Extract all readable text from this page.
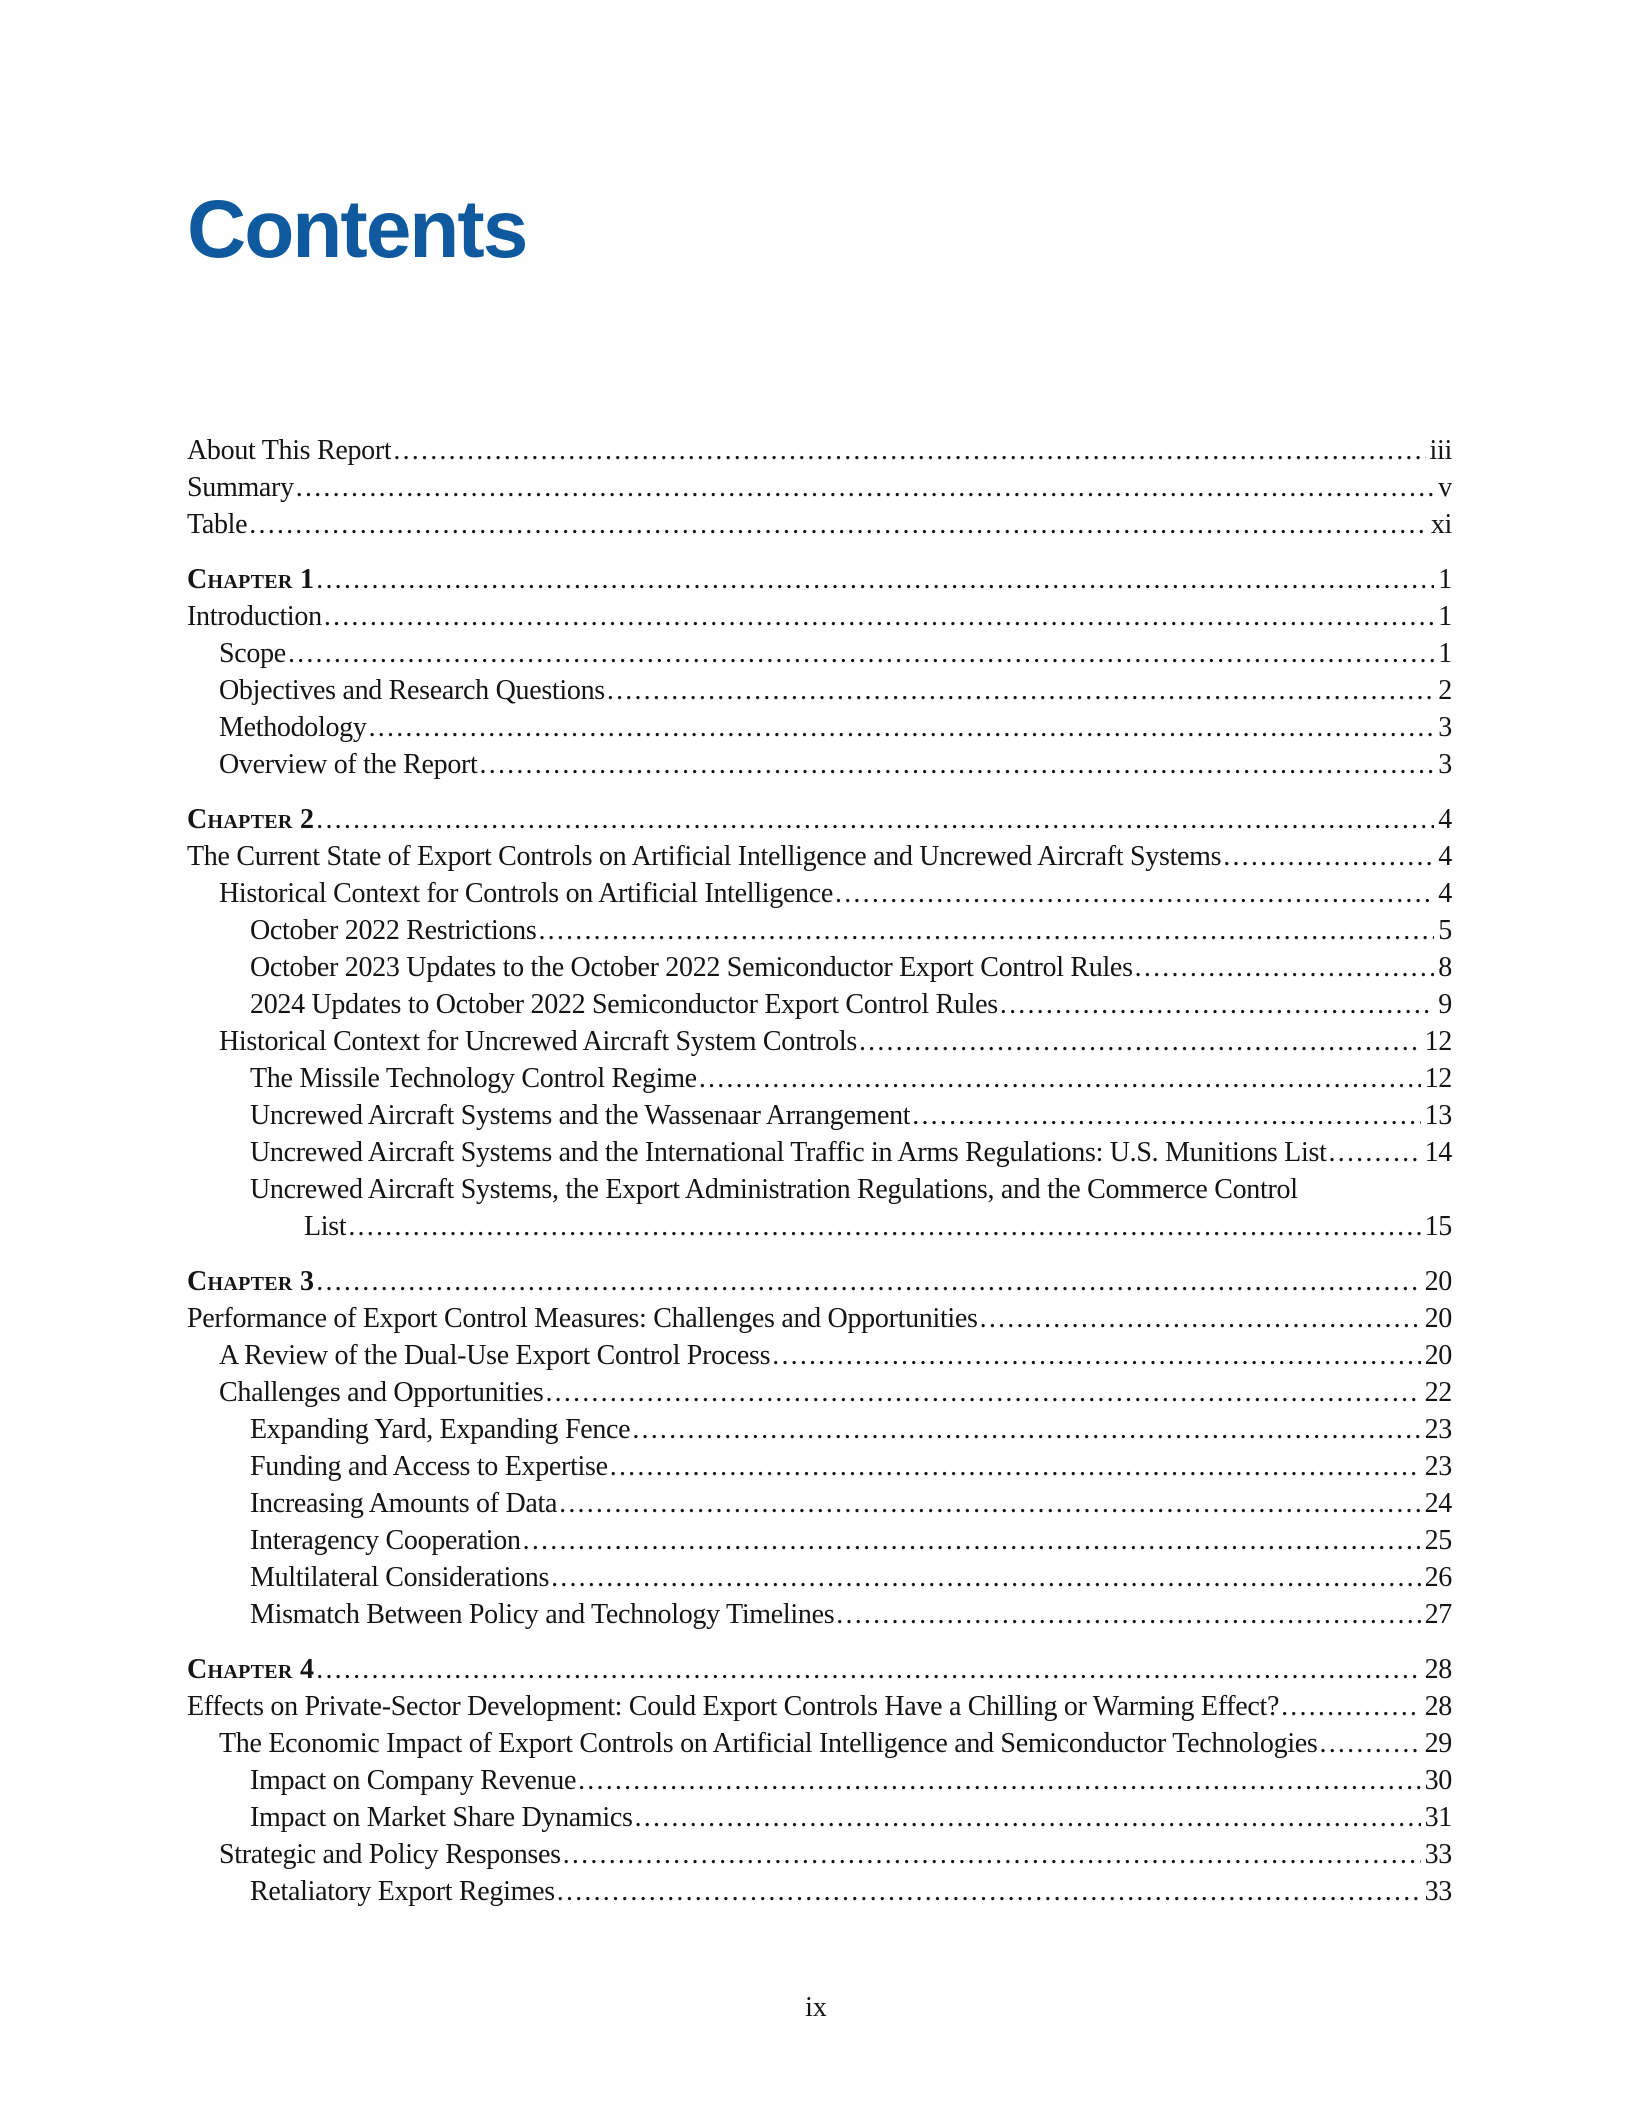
Contents
About This Report .....	iii
Summary .....	v
Table .....	xi
Chapter 1 .....	1
Introduction .....	1
Scope .....	1
Objectives and Research Questions .....	2
Methodology .....	3
Overview of the Report .....	3
Chapter 2 .....	4
The Current State of Export Controls on Artificial Intelligence and Uncrewed Aircraft Systems .....	4
Historical Context for Controls on Artificial Intelligence .....	4
October 2022 Restrictions .....	5
October 2023 Updates to the October 2022 Semiconductor Export Control Rules .....	8
2024 Updates to October 2022 Semiconductor Export Control Rules .....	9
Historical Context for Uncrewed Aircraft System Controls .....	12
The Missile Technology Control Regime .....	12
Uncrewed Aircraft Systems and the Wassenaar Arrangement .....	13
Uncrewed Aircraft Systems and the International Traffic in Arms Regulations: U.S. Munitions List .....	14
Uncrewed Aircraft Systems, the Export Administration Regulations, and the Commerce Control
List .....	15
Chapter 3 .....	20
Performance of Export Control Measures: Challenges and Opportunities .....	20
A Review of the Dual-Use Export Control Process .....	20
Challenges and Opportunities .....	22
Expanding Yard, Expanding Fence .....	23
Funding and Access to Expertise .....	23
Increasing Amounts of Data .....	24
Interagency Cooperation .....	25
Multilateral Considerations .....	26
Mismatch Between Policy and Technology Timelines .....	27
Chapter 4 .....	28
Effects on Private-Sector Development: Could Export Controls Have a Chilling or Warming Effect? .....	28
The Economic Impact of Export Controls on Artificial Intelligence and Semiconductor Technologies .....	29
Impact on Company Revenue .....	30
Impact on Market Share Dynamics .....	31
Strategic and Policy Responses .....	33
Retaliatory Export Regimes .....	33
ix
